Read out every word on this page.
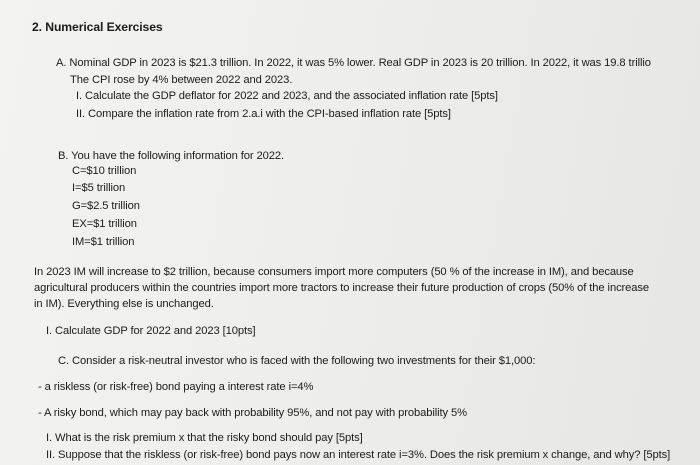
2. Numerical Exercises
A. Nominal GDP in 2023 is $21.3 trillion. In 2022, it was 5% lower. Real GDP in 2023 is 20 trillion. In 2022, it was 19.8 trillio
The CPI rose by 4% between 2022 and 2023.
I. Calculate the GDP deflator for 2022 and 2023, and the associated inflation rate [5pts]
II. Compare the inflation rate from 2.a.i with the CPI-based inflation rate [5pts]
B. You have the following information for 2022.
C=$10 trillion
I=$5 trillion
G=$2.5 trillion
EX=$1 trillion
IM=$1 trillion
In 2023 IM will increase to $2 trillion, because consumers import more computers (50 % of the increase in IM), and because
agricultural producers within the countries import more tractors to increase their future production of crops (50% of the increase
in IM). Everything else is unchanged.
I. Calculate GDP for 2022 and 2023 [10pts]
C. Consider a risk-neutral investor who is faced with the following two investments for their $1,000:
- a riskless (or risk-free) bond paying a interest rate i=4%
- A risky bond, which may pay back with probability 95%, and not pay with probability 5%
I. What is the risk premium x that the risky bond should pay [5pts]
II. Suppose that the riskless (or risk-free) bond pays now an interest rate i=3%. Does the risk premium x change, and why? [5pts]
